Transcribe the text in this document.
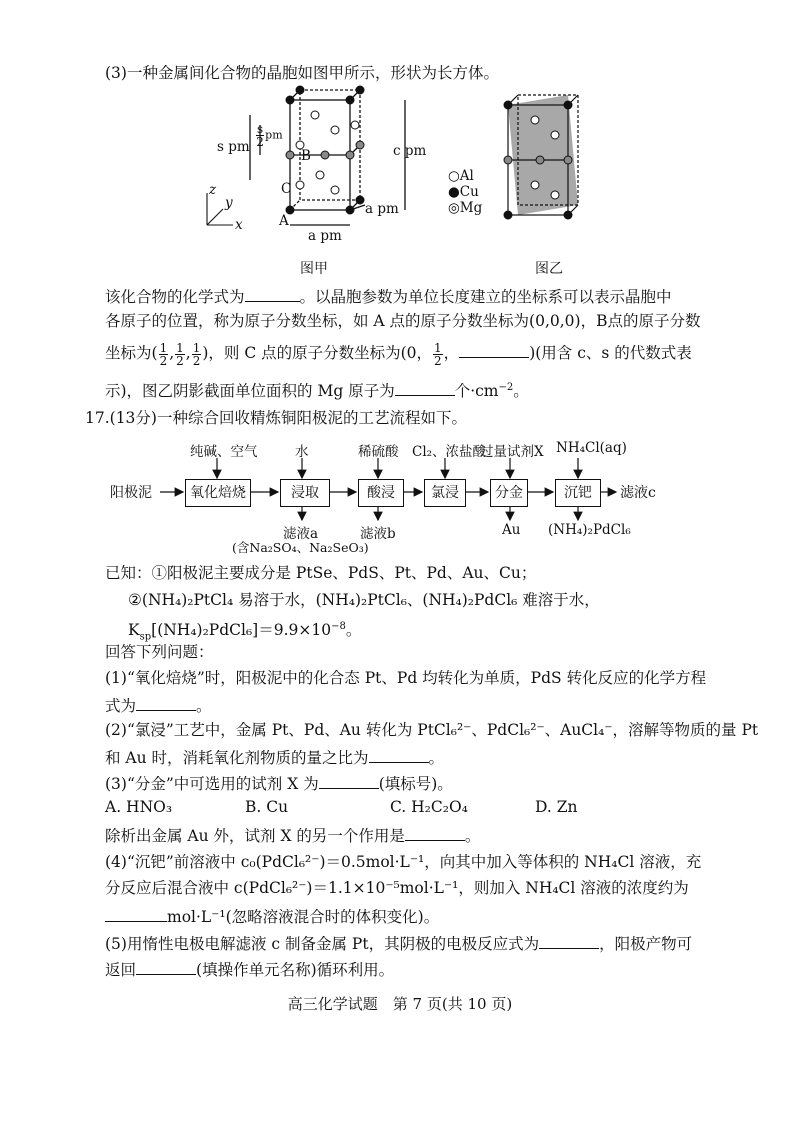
(3)一种金属间化合物的晶胞如图甲所示，形状为长方体。
s pm $\frac{s}{2}$ pm
c pm
a pm
a pm
B
C
A
z
y
x
○Al
●Cu
◎Mg
图甲	图乙
该化合物的化学式为	。以晶胞参数为单位长度建立的坐标系可以表示晶胞中
各原子的位置，称为原子分数坐标，如 A 点的原子分数坐标为(0,0,0)，B点的原子分数
坐标为( $\frac{1}{2}$ , $\frac{1}{2}$ , $\frac{1}{2}$ )，则 C 点的原子分数坐标为(0， $\frac{1}{2}$ ，	)(用含 c、s 的代数式表
示)，图乙阴影截面单位面积的 Mg 原子为	个$\cdot cm^{-2}$。
17.(13分)一种综合回收精炼铜阳极泥的工艺流程如下。
纯碱、空气	水	稀硫酸 Cl₂、浓盐酸
过量试剂X NH₄Cl(aq)
阳极泥	氧化焙烧	浸取	酸浸	氯浸	分金	沉钯	滤液c
滤液a	滤液b	Au (NH₄)₂PdCl₆
(含Na₂SO₄、Na₂SeO₃)
已知：①阳极泥主要成分是 PtSe、PdS、Pt、Pd、Au、Cu；
②(NH₄)₂PtCl₄ 易溶于水，(NH₄)₂PtCl₆、(NH₄)₂PdCl₆ 难溶于水，
$K_{sp}[(NH_4)_2PdCl_6]=9.9\times 10^{-8}$。
回答下列问题：
(1)“氧化焙烧”时，阳极泥中的化合态 Pt、Pd 均转化为单质，PdS 转化反应的化学方程
式为	。
(2)“氯浸”工艺中，金属 Pt、Pd、Au 转化为 PtCl₆²⁻、PdCl₆²⁻、AuCl₄⁻，溶解等物质的量 Pt
和 Au 时，消耗氧化剂物质的量之比为	。
(3)“分金”中可选用的试剂 X 为	(填标号)。
A. HNO₃	B. Cu	C. H₂C₂O₄	D. Zn
除析出金属 Au 外，试剂 X 的另一个作用是	。
(4)“沉钯”前溶液中 c₀(PdCl₆²⁻)＝0.5mol·L⁻¹，向其中加入等体积的 NH₄Cl 溶液，充
分反应后混合液中 c(PdCl₆²⁻)＝1.1×10⁻⁵mol·L⁻¹，则加入 NH₄Cl 溶液的浓度约为
mol·L⁻¹(忽略溶液混合时的体积变化)。
(5)用惰性电极电解滤液 c 制备金属 Pt，其阴极的电极反应式为	，阳极产物可
返回	(填操作单元名称)循环利用。
高三化学试题　第 7 页(共 10 页)
